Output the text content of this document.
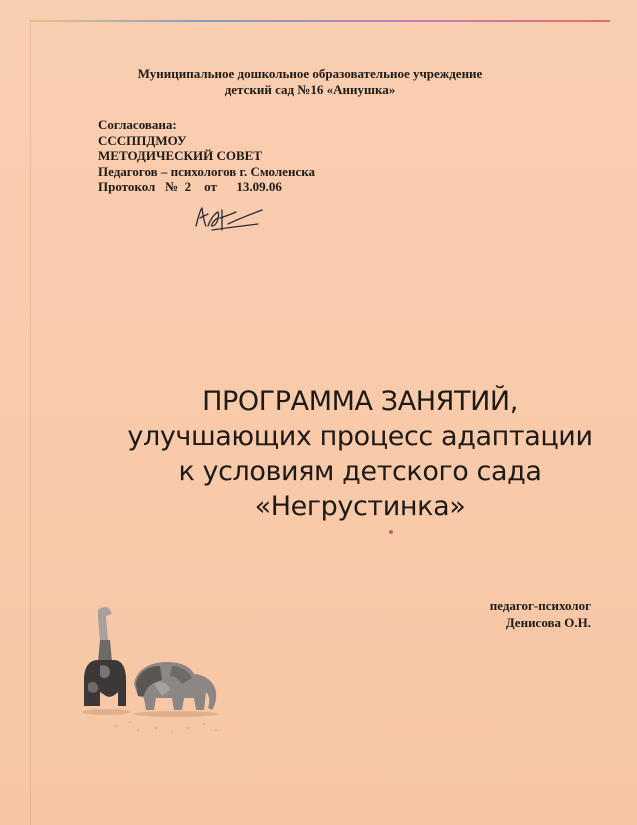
Муниципальное дошкольное образовательное учреждение
детский сад №16 «Аннушка»
Согласована:
СССППДМОУ
МЕТОДИЧЕСКИЙ СОВЕТ
Педагогов – психологов г. Смоленска
Протокол   №  2    от      13.09.06
ПРОГРАММА ЗАНЯТИЙ,
улучшающих процесс адаптации
к условиям детского сада
«Негрустинка»
педагог-психолог
Денисова О.Н.
